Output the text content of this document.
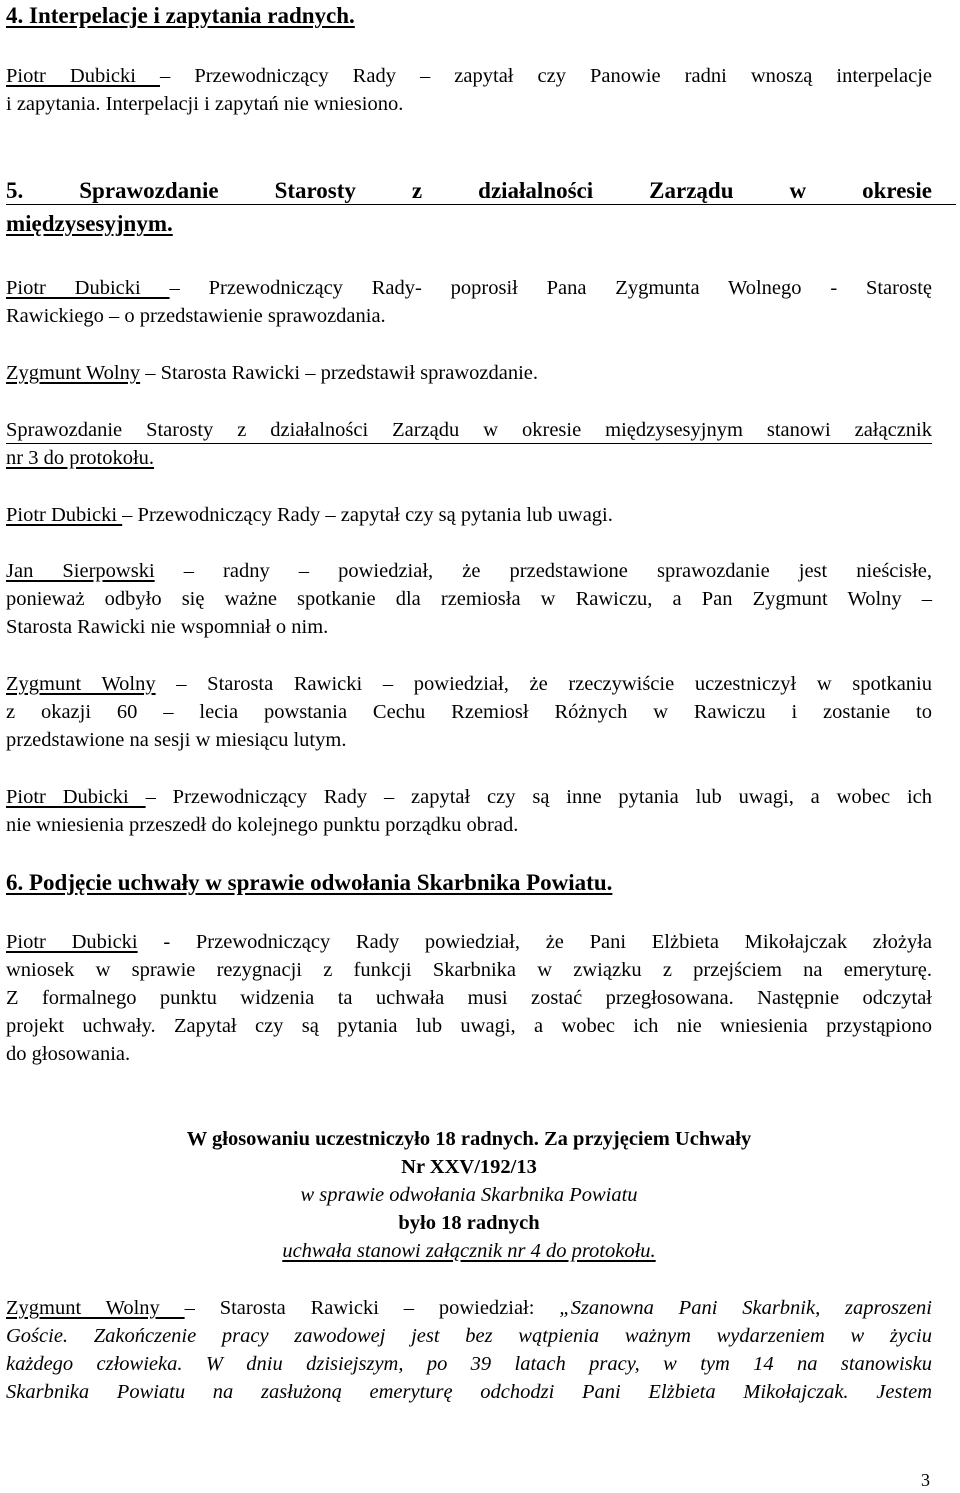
4. Interpelacje i zapytania radnych.
Piotr Dubicki – Przewodniczący Rady – zapytał czy Panowie radni wnoszą interpelacje
i zapytania. Interpelacji i zapytań nie wniesiono.
5. Sprawozdanie Starosty z działalności Zarządu w okresie
międzysesyjnym.
Piotr Dubicki – Przewodniczący Rady- poprosił Pana Zygmunta Wolnego - Starostę
Rawickiego – o przedstawienie sprawozdania.
Zygmunt Wolny – Starosta Rawicki – przedstawił sprawozdanie.
Sprawozdanie Starosty z działalności Zarządu w okresie międzysesyjnym stanowi załącznik
nr 3 do protokołu.
Piotr Dubicki – Przewodniczący Rady – zapytał czy są pytania lub uwagi.
Jan Sierpowski – radny – powiedział, że przedstawione sprawozdanie jest nieścisłe,
ponieważ odbyło się ważne spotkanie dla rzemiosła w Rawiczu, a Pan Zygmunt Wolny –
Starosta Rawicki nie wspomniał o nim.
Zygmunt Wolny – Starosta Rawicki – powiedział, że rzeczywiście uczestniczył w spotkaniu
z okazji 60 – lecia powstania Cechu Rzemiosł Różnych w Rawiczu i zostanie to
przedstawione na sesji w miesiącu lutym.
Piotr Dubicki – Przewodniczący Rady – zapytał czy są inne pytania lub uwagi, a wobec ich
nie wniesienia przeszedł do kolejnego punktu porządku obrad.
6. Podjęcie uchwały w sprawie odwołania Skarbnika Powiatu.
Piotr Dubicki - Przewodniczący Rady powiedział, że Pani Elżbieta Mikołajczak złożyła
wniosek w sprawie rezygnacji z funkcji Skarbnika w związku z przejściem na emeryturę.
Z formalnego punktu widzenia ta uchwała musi zostać przegłosowana. Następnie odczytał
projekt uchwały. Zapytał czy są pytania lub uwagi, a wobec ich nie wniesienia przystąpiono
do głosowania.
W głosowaniu uczestniczyło 18 radnych. Za przyjęciem Uchwały
Nr XXV/192/13
w sprawie odwołania Skarbnika Powiatu
było 18 radnych
uchwała stanowi załącznik nr 4 do protokołu.
Zygmunt Wolny – Starosta Rawicki – powiedział: „Szanowna Pani Skarbnik, zaproszeni
Goście. Zakończenie pracy zawodowej jest bez wątpienia ważnym wydarzeniem w życiu
każdego człowieka. W dniu dzisiejszym, po 39 latach pracy, w tym 14 na stanowisku
Skarbnika Powiatu na zasłużoną emeryturę odchodzi Pani Elżbieta Mikołajczak. Jestem
3
